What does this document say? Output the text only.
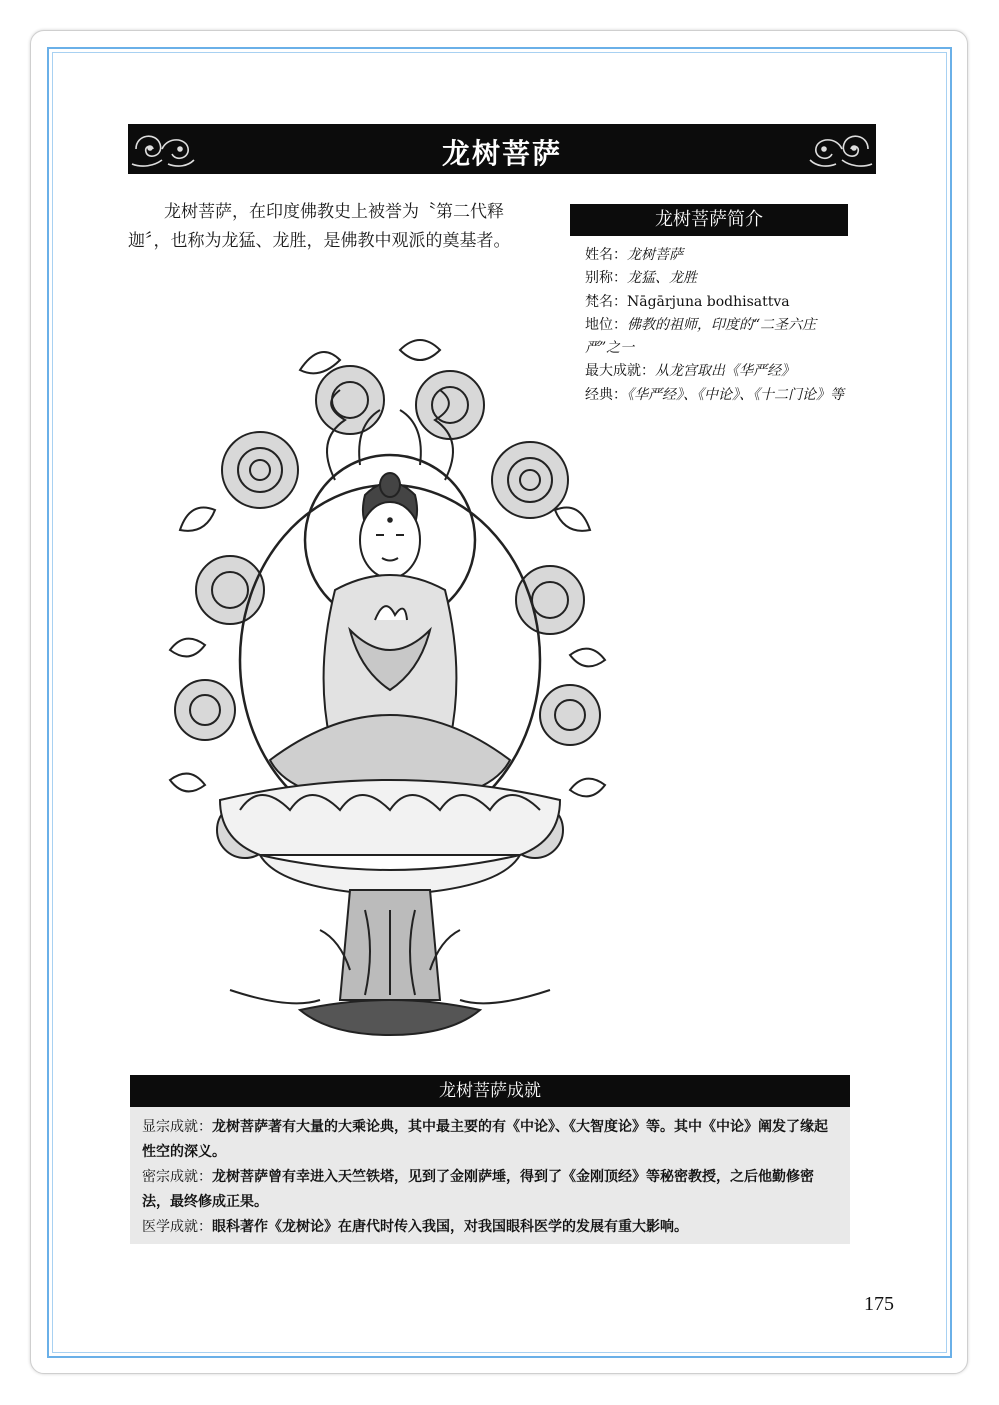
龙树菩萨

龙树菩萨，在印度佛教史上被誉为〝第二代释迦〞，也称为龙猛、龙胜，是佛教中观派的奠基者。

龙树菩萨简介
姓名：龙树菩萨
别称：龙猛、龙胜
梵名：Nāgārjuna bodhisattva
地位：佛教的祖师，印度的“二圣六庄严”之一
最大成就：从龙宫取出《华严经》
经典：《华严经》、《中论》、《十二门论》等
龙树菩萨成就

显宗成就：龙树菩萨著有大量的大乘论典，其中最主要的有《中论》、《大智度论》等。其中《中论》阐发了缘起性空的深义。

密宗成就：龙树菩萨曾有幸进入天竺铁塔，见到了金刚萨埵，得到了《金刚顶经》等秘密教授，之后他勤修密法，最终修成正果。

医学成就：眼科著作《龙树论》在唐代时传入我国，对我国眼科医学的发展有重大影响。

175
